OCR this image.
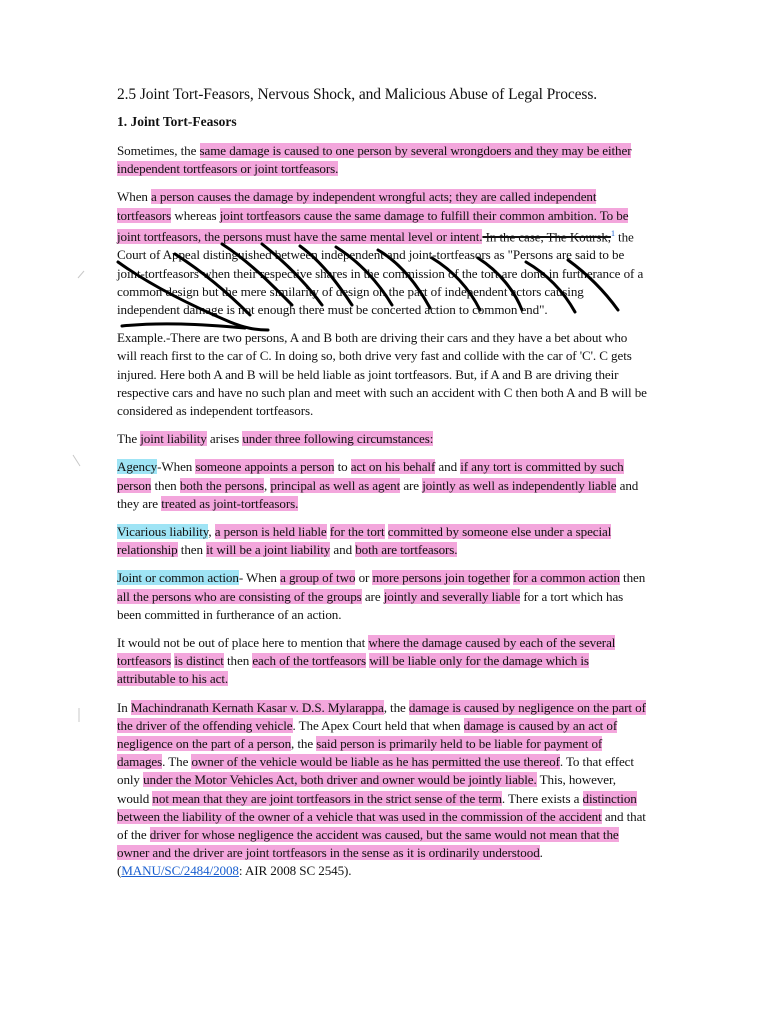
2.5 Joint Tort-Feasors, Nervous Shock, and Malicious Abuse of Legal Process.
1. Joint Tort-Feasors

Sometimes, the same damage is caused to one person by several wrongdoers and they may be either independent tortfeasors or joint tortfeasors.

When a person causes the damage by independent wrongful acts; they are called independent tortfeasors whereas joint tortfeasors cause the same damage to fulfill their common ambition. To be joint tortfeasors, the persons must have the same mental level or intent. In the case, The Koursk,$^1$ the Court of Appeal distinguished between independent and joint-tortfeasors as "Persons are said to be joint-tortfeasors when their respective shares in the commission of the tort are done in furtherance of a common design but the mere similarity of design on the part of independent actors causing independent damage is not enough there must be concerted action to common end".

Example.-There are two persons, A and B both are driving their cars and they have a bet about who will reach first to the car of C. In doing so, both drive very fast and collide with the car of 'C'. C gets injured. Here both A and B will be held liable as joint tortfeasors. But, if A and B are driving their respective cars and have no such plan and meet with such an accident with C then both A and B will be considered as independent tortfeasors.

The joint liability arises under three following circumstances:

Agency-When someone appoints a person to act on his behalf and if any tort is committed by such person then both the persons, principal as well as agent are jointly as well as independently liable and they are treated as joint-tortfeasors.

Vicarious liability, a person is held liable for the tort committed by someone else under a special relationship then it will be a joint liability and both are tortfeasors.

Joint or common action- When a group of two or more persons join together for a common action then all the persons who are consisting of the groups are jointly and severally liable for a tort which has been committed in furtherance of an action.

It would not be out of place here to mention that where the damage caused by each of the several tortfeasors is distinct then each of the tortfeasors will be liable only for the damage which is attributable to his act.

In Machindranath Kernath Kasar v. D.S. Mylarappa, the damage is caused by negligence on the part of the driver of the offending vehicle. The Apex Court held that when damage is caused by an act of negligence on the part of a person, the said person is primarily held to be liable for payment of damages. The owner of the vehicle would be liable as he has permitted the use thereof. To that effect only under the Motor Vehicles Act, both driver and owner would be jointly liable. This, however, would not mean that they are joint tortfeasors in the strict sense of the term. There exists a distinction between the liability of the owner of a vehicle that was used in the commission of the accident and that of the driver for whose negligence the accident was caused, but the same would not mean that the owner and the driver are joint tortfeasors in the sense as it is ordinarily understood. (MANU/SC/2484/2008: AIR 2008 SC 2545).
